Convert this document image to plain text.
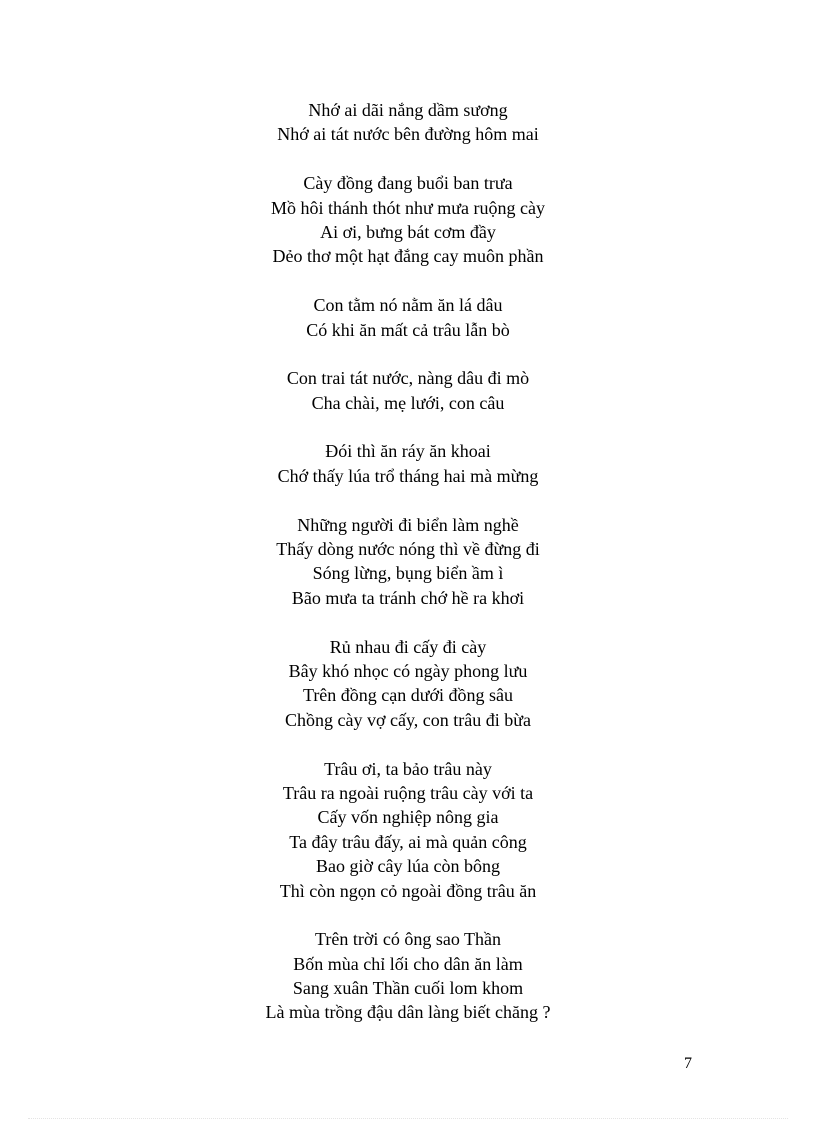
Nhớ ai dãi nắng dầm sương
Nhớ ai tát nước bên đường hôm mai
Cày đồng đang buổi ban trưa
Mồ hôi thánh thót như mưa ruộng cày
Ai ơi, bưng bát cơm đầy
Dẻo thơ một hạt đắng cay muôn phần
Con tằm nó nằm ăn lá dâu
Có khi ăn mất cả trâu lẫn bò
Con trai tát nước, nàng dâu đi mò
Cha chài, mẹ lưới, con câu
Đói thì ăn ráy ăn khoai
Chớ thấy lúa trổ tháng hai mà mừng
Những người đi biển làm nghề
Thấy dòng nước nóng thì về đừng đi
Sóng lừng, bụng biển ầm ì
Bão mưa ta tránh chớ hề ra khơi
Rủ nhau đi cấy đi cày
Bây khó nhọc có ngày phong lưu
Trên đồng cạn dưới đồng sâu
Chồng cày vợ cấy, con trâu đi bừa
Trâu ơi, ta bảo trâu này
Trâu ra ngoài ruộng trâu cày với ta
Cấy vốn nghiệp nông gia
Ta đây trâu đấy, ai mà quản công
Bao giờ cây lúa còn bông
Thì còn ngọn cỏ ngoài đồng trâu ăn
Trên trời có ông sao Thần
Bốn mùa chỉ lối cho dân ăn làm
Sang xuân Thần cuối lom khom
Là mùa trồng đậu dân làng biết chăng ?
7
